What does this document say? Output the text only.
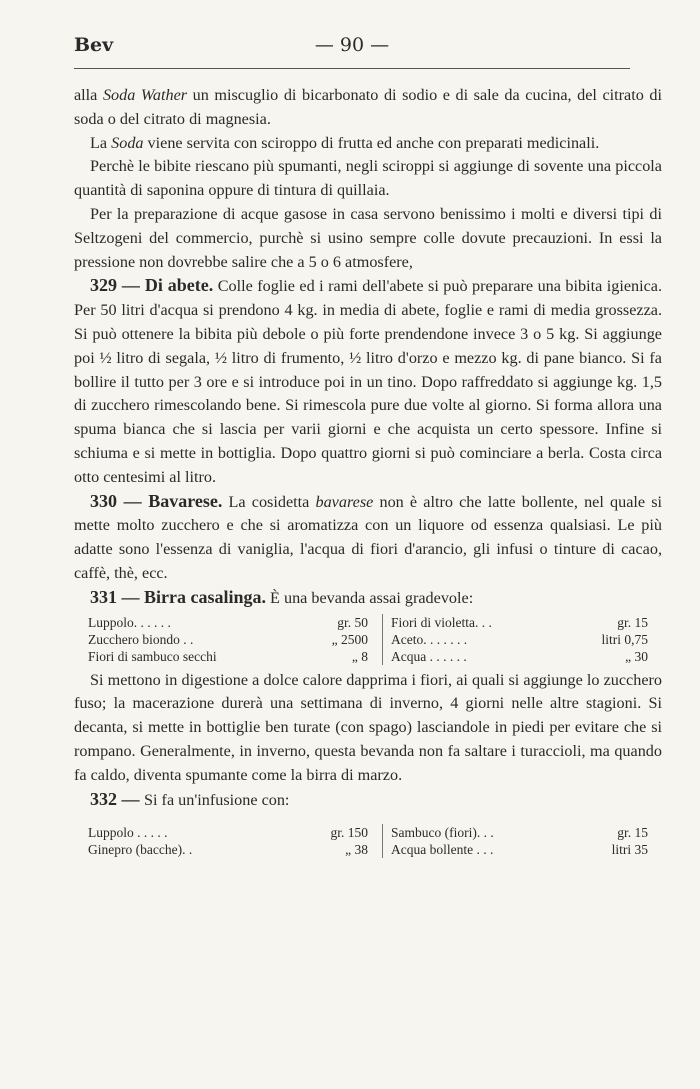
Bev	— 90 —

alla Soda Wather un miscuglio di bicarbonato di sodio e di sale da cucina, del citrato di soda o del citrato di magnesia.

La Soda viene servita con sciroppo di frutta ed anche con preparati medicinali.

Perchè le bibite riescano più spumanti, negli sciroppi si aggiunge di sovente una piccola quantità di saponina oppure di tintura di quillaia.

Per la preparazione di acque gasose in casa servono benissimo i molti e diversi tipi di Seltzogeni del commercio, purchè si usino sempre colle dovute precauzioni. In essi la pressione non dovrebbe salire che a 5 o 6 atmosfere,

329 — Di abete. Colle foglie ed i rami dell'abete si può preparare una bibita igienica. Per 50 litri d'acqua si prendono 4 kg. in media di abete, foglie e rami di media grossezza. Si può ottenere la bibita più debole o più forte prendendone invece 3 o 5 kg. Si aggiunge poi ½ litro di segala, ½ litro di frumento, ½ litro d'orzo e mezzo kg. di pane bianco. Si fa bollire il tutto per 3 ore e si introduce poi in un tino. Dopo raffreddato si aggiunge kg. 1,5 di zucchero rimescolando bene. Si rimescola pure due volte al giorno. Si forma allora una spuma bianca che si lascia per varii giorni e che acquista un certo spessore. Infine si schiuma e si mette in bottiglia. Dopo quattro giorni si può cominciare a berla. Costa circa otto centesimi al litro.

330 — Bavarese. La cosidetta bavarese non è altro che latte bollente, nel quale si mette molto zucchero e che si aromatizza con un liquore od essenza qualsiasi. Le più adatte sono l'essenza di vaniglia, l'acqua di fiori d'arancio, gli infusi o tinture di cacao, caffè, thè, ecc.

331 — Birra casalinga. È una bevanda assai gradevole:

Luppolo. . . . . .	gr. 50	Fiori di violetta. . .	gr. 15
Zucchero biondo . .	„ 2500	Aceto. . . . . . .	litri 0,75
Fiori di sambuco secchi	„ 8	Acqua . . . . . .	„ 30

Si mettono in digestione a dolce calore dapprima i fiori, ai quali si aggiunge lo zucchero fuso; la macerazione durerà una settimana di inverno, 4 giorni nelle altre stagioni. Si decanta, si mette in bottiglie ben turate (con spago) lasciandole in piedi per evitare che si rompano. Generalmente, in inverno, questa bevanda non fa saltare i turaccioli, ma quando fa caldo, diventa spumante come la birra di marzo.

332 — Si fa un'infusione con:

Luppolo . . . . .	gr. 150	Sambuco (fiori). . .	gr. 15
Ginepro (bacche). .	„ 38	Acqua bollente . . .	litri 35
